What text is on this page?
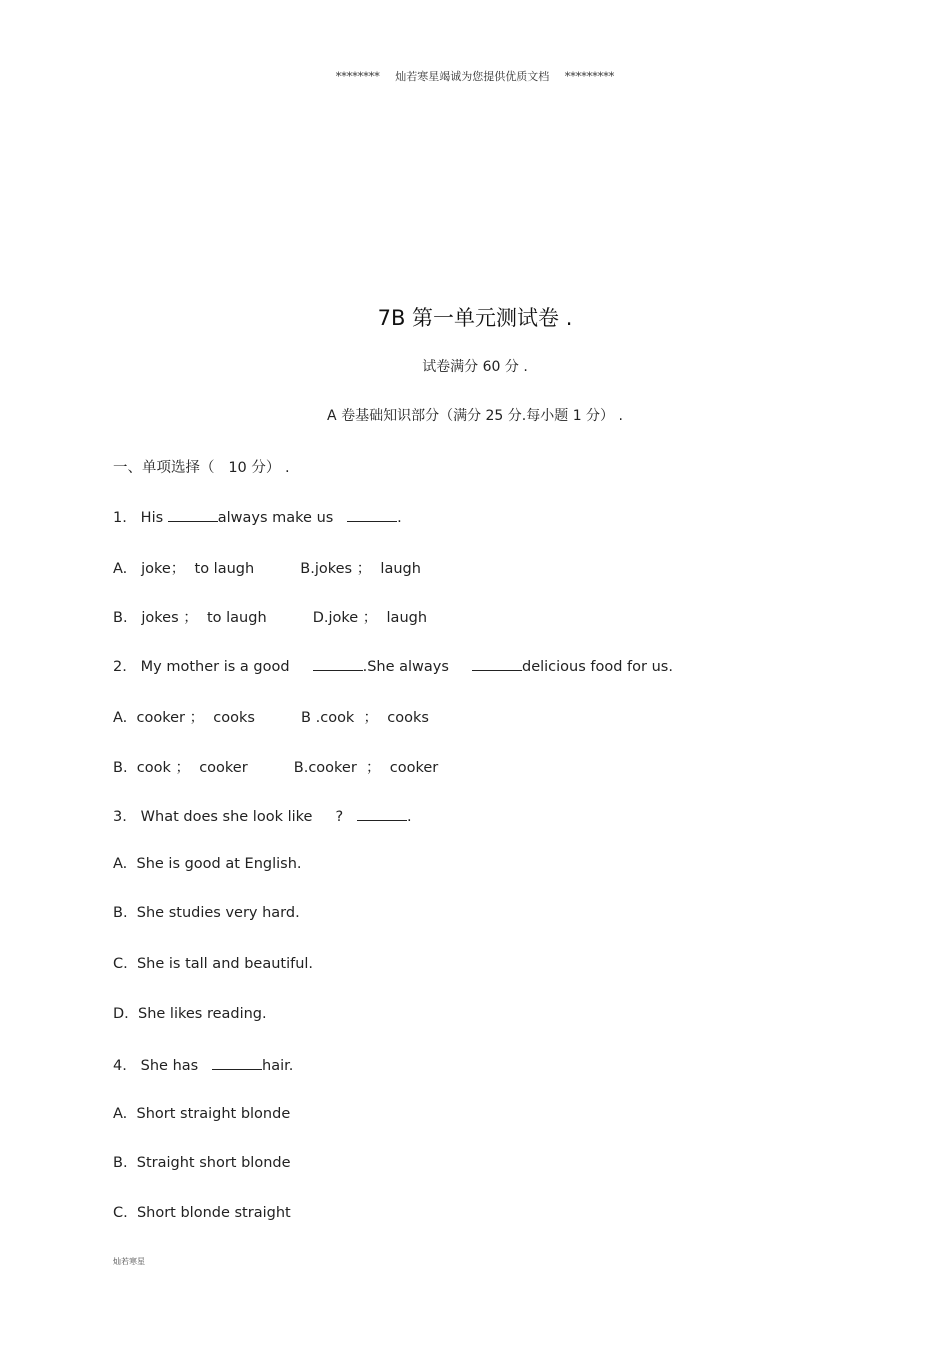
******** 灿若寒星竭诚为您提供优质文档 *********
7B 第一单元测试卷 .
试卷满分 60 分 .
A 卷基础知识部分（满分 25 分.每小题 1 分） .
一、单项选择（   10 分） .
1.   His	always make us	.
A.   joke；  to laugh          B.jokes ；  laugh
B.   jokes ；  to laugh          D.joke ；  laugh
2.   My mother is a good	.She always	delicious food for us.
A.  cooker ；  cooks          B .cook  ；  cooks
B.  cook ；  cooker          B.cooker  ；  cooker
3.   What does she look like     ?	.
A.  She is good at English.
B.  She studies very hard.
C.  She is tall and beautiful.
D.  She likes reading.
4.   She has	hair.
A.  Short straight blonde
B.  Straight short blonde
C.  Short blonde straight
灿若寒星
